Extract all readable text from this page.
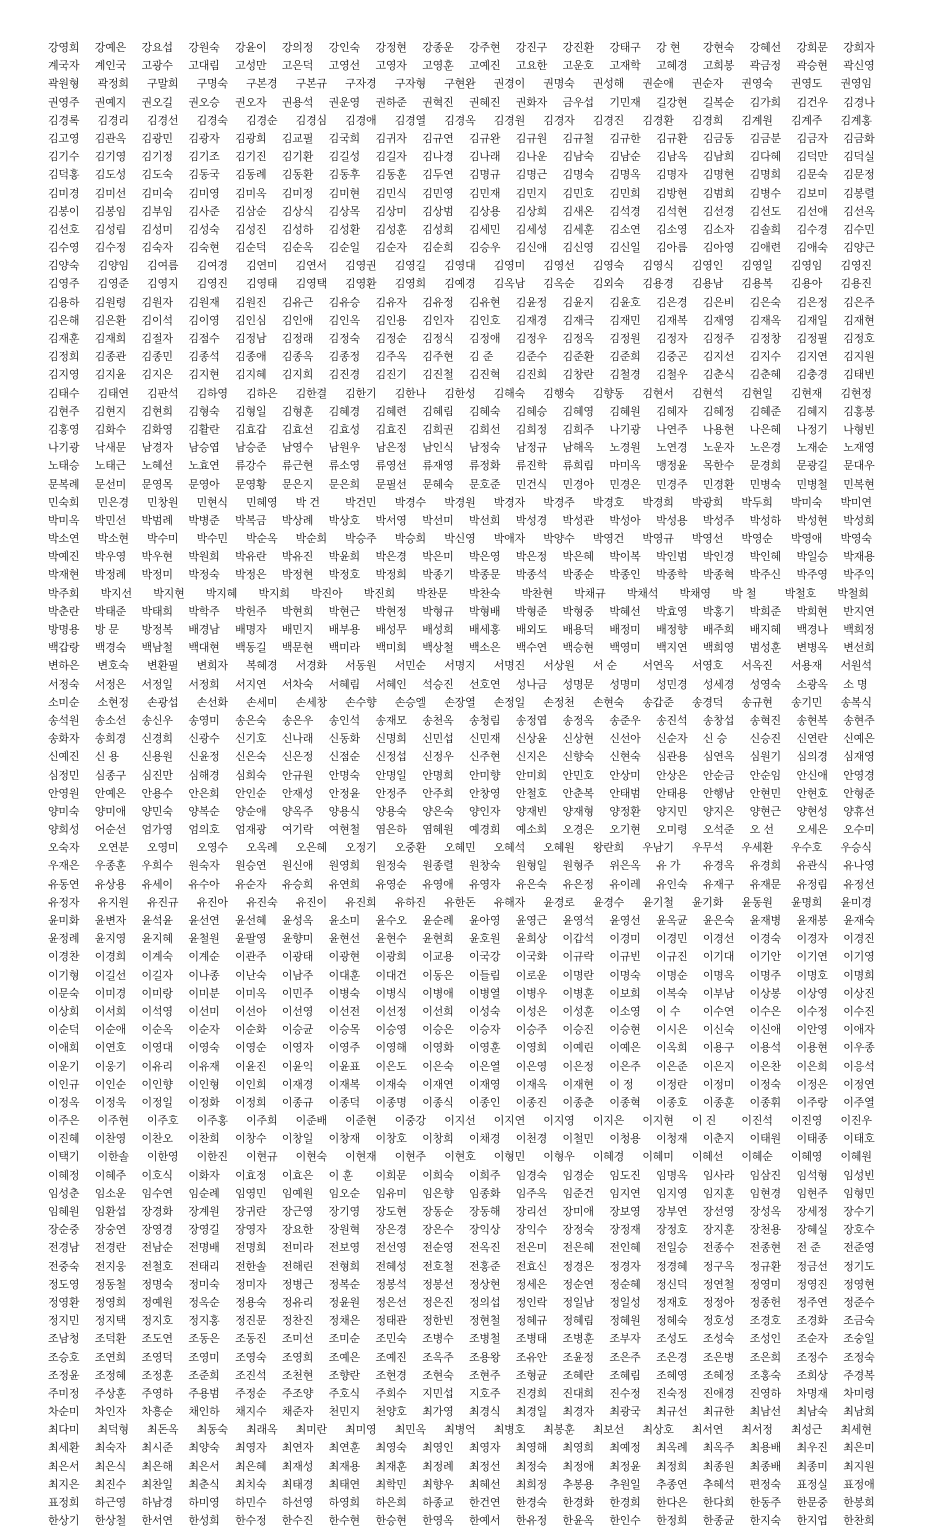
강영희	강예은	강요섭	강원숙	강윤이	강의정	강인숙	강정현	강종운	강주현	강진구	강진환	강태구	강 현	강현숙	강혜선	강희문	강희자
계국자	계인국	고광수	고대림	고성만	고은덕	고영선	고영자	고영훈	고예진	고요한	고운호	고재학	고혜경	고희봉	곽금정	곽승현	곽신영
곽원형	곽정희	구말희	구명숙	구본경	구본규	구자경	구자형	구현완	권경이	권명숙	권성해	권순애	권순자	권영숙	권영도	권영임
권영주	권예지	권오길	권오승	권오자	권용석	권운영	권하준	권혁진	권혜진	권화자	금우섭	기민재	길강현	길복순	김가희	김건우	김경나
김경록	김경리	김경선	김경숙	김경순	김경심	김경애	김경열	김경옥	김경원	김경자	김경진	김경환	김경희	김계원	김계주	김계홍
김고영	김관옥	김광민	김광자	김광희	김교필	김국희	김귀자	김규연	김규완	김규원	김규철	김규한	김규환	김금동	김금분	김금자	김금화
김기수	김기영	김기정	김기조	김기진	김기환	김길성	김길자	김나경	김나래	김나운	김남숙	김남순	김남옥	김남희	김다혜	김덕만	김덕실
김덕홍	김도성	김도숙	김동국	김동례	김동환	김동후	김동훈	김두연	김명규	김명근	김명숙	김명옥	김명자	김명현	김명희	김문숙	김문정
김미경	김미선	김미숙	김미영	김미옥	김미정	김미현	김민식	김민영	김민재	김민지	김민호	김민희	김방현	김범희	김병수	김보미	김봉렬
김봉이	김봉임	김부임	김사준	김삼순	김상식	김상목	김상미	김상범	김상용	김상희	김새온	김석경	김석현	김선경	김선도	김선애	김선옥
김선호	김성림	김성미	김성숙	김성진	김성하	김성환	김성훈	김성희	김세민	김세성	김세훈	김소연	김소영	김소자	김솔희	김수경	김수민
김수영	김수정	김숙자	김숙현	김순덕	김순옥	김순일	김순자	김순희	김승우	김신애	김신영	김신일	김아름	김아영	김애련	김애숙	김양근
김양숙	김양임	김여름	김여경	김연미	김연서	김영권	김영길	김영대	김영미	김영선	김영숙	김영식	김영인	김영일	김영임	김영진
김영주	김영준	김영지	김영진	김영태	김영택	김영환	김영희	김예경	김옥남	김옥순	김외숙	김용경	김용남	김용복	김용아	김용진
김용하	김원령	김원자	김원재	김원진	김유근	김유승	김유자	김유정	김유현	김윤정	김윤지	김윤호	김은경	김은비	김은숙	김은정	김은주
김은해	김은환	김이석	김이영	김인심	김인애	김인옥	김인용	김인자	김인호	김재경	김재극	김재민	김재복	김재영	김재옥	김재일	김재현
김재훈	김재희	김절자	김점수	김정남	김정래	김정숙	김정순	김정식	김정애	김정우	김정옥	김정원	김정자	김정주	김정창	김정필	김정호
김정희	김종관	김종민	김종석	김종애	김종옥	김종정	김주옥	김주현	김 준	김준수	김준환	김준희	김중곤	김지선	김지수	김지연	김지원
김지영	김지윤	김지은	김지현	김지혜	김지희	김진경	김진기	김진철	김진혁	김진희	김창란	김철경	김철우	김춘식	김춘혜	김충경	김태빈
김태수	김태연	김판석	김하영	김하은	김한결	김한기	김한나	김한성	김해숙	김행숙	김향동	김현서	김현석	김현일	김현재	김현정
김현주	김현지	김현희	김형숙	김형일	김형훈	김혜경	김혜련	김혜림	김혜숙	김혜승	김혜영	김혜원	김혜자	김혜정	김혜준	김혜지	김홍봉
김홍영	김화수	김화영	김활란	김효갑	김효선	김효성	김효진	김희권	김희선	김희정	김희주	나기광	나연주	나용현	나은혜	나정기	나형빈
나기광	낙새문	남경자	남승엽	남승준	남영수	남원우	남은정	남인식	남정숙	남정규	남해옥	노경원	노연경	노운자	노은경	노재순	노재영
노태승	노태근	노혜선	노효연	류강수	류근현	류소영	류영선	류재영	류정화	류진학	류희림	마미옥	맹정윤	목한수	문경희	문광길	문대우
문복례	문선미	문영목	문영아	문영황	문은지	문은희	문필선	문혜숙	문호준	민건식	민경아	민경은	민경주	민경환	민병숙	민병철	민복현
민숙희	민은경	민창원	민현식	민혜영	박 건	박건민	박경수	박경원	박경자	박경주	박경호	박경희	박광희	박두희	박미숙	박미연
박미옥	박민선	박범례	박병준	박복금	박상례	박상호	박서영	박선미	박선희	박성경	박성관	박성아	박성용	박성주	박성하	박성현	박성희
박소연	박소현	박수미	박수민	박순옥	박순희	박승주	박승희	박신영	박애자	박양수	박영건	박영규	박영선	박영순	박영애	박영숙
박예진	박우영	박우현	박원희	박유란	박유진	박윤희	박은경	박은미	박은영	박은정	박은혜	박이복	박인범	박인경	박인혜	박일승	박재용
박재현	박정례	박정미	박정숙	박정은	박정현	박정호	박정희	박종기	박종문	박종석	박종순	박종인	박종학	박종혁	박주신	박주영	박주익
박주희	박지선	박지현	박지혜	박지희	박진아	박진희	박찬문	박찬숙	박찬현	박채규	박채석	박채영	박 철	박철호	박철희
박춘란	박태준	박태희	박학주	박헌주	박현희	박현근	박현정	박형규	박형배	박형준	박형중	박혜선	박효영	박홍기	박희준	박희현	반지연
방명용	방 문	방정복	배경남	배명자	배민지	배부용	배성무	배성희	배세홍	배외도	배용덕	배정미	배정향	배주희	배지혜	백경나	백희정
백갑랑	백경숙	백남철	백대현	백동길	백문현	백미라	백미희	백상철	백소은	백수연	백승현	백영미	백지연	백희영	범성훈	변병옥	변선희
변하은	변호숙	변환필	변희자	복혜경	서경화	서동원	서민순	서명지	서명진	서상원	서 순	서연옥	서영호	서옥진	서용재	서원석
서정숙	서정은	서정일	서정희	서지연	서차숙	서혜림	서혜인	석승진	선호연	성나금	성명문	성명미	성민경	성세경	성영숙	소광옥	소 명
소미순	소현정	손광섭	손선화	손세미	손세창	손수향	손승엘	손장열	손정일	손정천	손현숙	송갑준	송경덕	송규현	송기민	송복식
송석원	송소선	송신우	송영미	송은숙	송은우	송인석	송재모	송천옥	송청림	송정엽	송정옥	송준우	송진석	송창섭	송혁진	송현복	송현주
송화자	송희경	신경희	신광수	신기호	신나래	신동화	신명희	신민섭	신민재	신상윤	신상현	신선아	신순자	신 승	신승진	신연란	신예은
신예진	신 용	신용원	신윤정	신은숙	신은정	신점순	신정섭	신정우	신주현	신지은	신향숙	신현숙	심관용	심연옥	심원기	심의경	심재영
심정민	심종구	심진만	심해경	심희숙	안규원	안명숙	안명일	안명희	안미향	안미희	안민호	안상미	안상은	안순금	안순임	안신애	안영경
안영원	안예은	안용수	안은희	안인순	안재성	안정윤	안정주	안주희	안창영	안철호	안춘복	안태범	안태용	안행남	안현민	안현호	안형준
양미숙	양미애	양민숙	양복순	양순애	양옥주	양용식	양용숙	양은숙	양인자	양재빈	양재형	양정환	양지민	양지은	양현근	양현성	양휴선
양희성	어순선	엄가영	엄의호	엄재광	여기락	여현철	염은하	염혜원	예경희	예소희	오경은	오기현	오미령	오석준	오 선	오세은	오수미
오숙자	오연분	오영미	오영수	오옥례	오은혜	오정기	오중환	오혜민	오혜석	오혜원	왕란희	우남기	우무석	우세환	우수호	우승식
우재은	우종훈	우희수	원숙자	원승연	원신애	원영희	원정숙	원종렬	원창숙	원형일	원형주	위은옥	유 가	유경옥	유경희	유관식	유나영
유동연	유상용	유세이	유수아	유순자	유승희	유연희	유영순	유영애	유영자	유은숙	유은정	유이레	유인숙	유재구	유재문	유정림	유정선
유정자	유지원	유진규	유진아	유진숙	유진이	유진희	유하진	유한돈	유해자	윤경로	윤경수	윤기철	윤기화	윤동원	윤명희	윤미경
윤미화	윤변자	윤석윤	윤선연	윤선혜	윤성옥	윤소미	윤수오	윤순례	윤아영	윤영근	윤영석	윤영선	윤옥균	윤은숙	윤재병	윤재봉	윤재숙
윤정례	윤지영	윤지혜	윤철원	윤팔영	윤향미	윤현선	윤현수	윤현희	윤호원	윤희상	이갑석	이경미	이경민	이경선	이경숙	이경자	이경진
이경찬	이경희	이계숙	이계순	이관주	이광태	이광현	이광희	이교용	이국강	이국화	이규락	이규빈	이규진	이기대	이기안	이기연	이기영
이기형	이길선	이길자	이나종	이난숙	이남주	이대훈	이대건	이동은	이들림	이로운	이명란	이명숙	이명순	이명옥	이명주	이명호	이명희
이문숙	이미경	이미랑	이미분	이미옥	이민주	이병숙	이병식	이병애	이병열	이병우	이병훈	이보희	이복숙	이부남	이상봉	이상영	이상진
이상희	이서희	이석영	이선미	이선아	이선영	이선전	이선정	이선희	이성숙	이성은	이성훈	이소영	이 수	이수연	이수은	이수정	이수진
이순덕	이순애	이순옥	이순자	이순화	이승균	이승목	이승영	이승은	이승자	이승주	이승진	이승현	이시은	이신숙	이신애	이안영	이애자
이애희	이연호	이영대	이영숙	이영순	이영자	이영주	이영해	이영화	이영훈	이영희	이예린	이예은	이옥희	이용구	이용석	이용현	이우종
이운기	이웅기	이유리	이유재	이윤진	이윤익	이윤표	이은도	이은숙	이은열	이은영	이은정	이은주	이은준	이은지	이은찬	이은희	이응석
이인규	이인순	이인향	이인형	이인희	이재경	이재복	이재숙	이재연	이재영	이재옥	이재현	이 정	이정란	이정미	이정숙	이정은	이정연
이정옥	이정욱	이정일	이정화	이정희	이종규	이종덕	이종명	이종식	이종인	이종진	이종춘	이종혁	이종호	이종훈	이종휘	이주랑	이주열
이주은	이주현	이주호	이주홍	이주희	이준배	이준현	이중강	이지선	이지연	이지영	이지은	이지현	이 진	이진석	이진영	이진우
이진혜	이찬영	이찬오	이찬희	이창수	이창일	이창재	이창호	이창희	이채경	이천경	이철민	이청용	이청재	이춘지	이태원	이태종	이태호
이택기	이한솔	이한영	이한진	이현규	이현숙	이현재	이현주	이현호	이형민	이형우	이혜경	이혜미	이혜선	이혜순	이혜영	이혜원
이혜정	이혜주	이호식	이화자	이효정	이효은	이 훈	이희문	이희숙	이희주	임경숙	임경순	임도진	임명옥	임사라	임삼진	임석형	임성빈
임성춘	임소운	임수연	임순례	임영민	임예원	임오순	임유미	임은향	임종화	임주옥	임준건	임지연	임지영	임지훈	임현경	임현주	임형민
임혜원	임환섭	장경화	장계원	장귀란	장근영	장기영	장도현	장동순	장동해	장리선	장미애	장보영	장부연	장선영	장성옥	장세정	장수기
장순중	장숭연	장영경	장영길	장영자	장요한	장원혁	장은경	장은수	장익상	장익수	장정숙	장정재	장정호	장지훈	장천용	장혜실	장호수
전경남	전경란	전남순	전명배	전명희	전미라	전보영	전선영	전순영	전옥진	전은미	전은혜	전인혜	전일승	전종수	전종현	전 준	전준영
전중숙	전지웅	전철호	전태리	전한솔	전해린	전형희	전혜성	전호철	전홍준	전효신	정경은	정경자	정경혜	정구옥	정규환	정금선	정기도
정도영	정동철	정명숙	정미숙	정미자	정병근	정복순	정봉석	정봉선	정상현	정세은	정순연	정순혜	정신덕	정연철	정영미	정영진	정영현
정영환	정영희	정예원	정옥순	정용숙	정유리	정윤원	정은선	정은진	정의섭	정인락	정일남	정일성	정재호	정정아	정종헌	정주연	정준수
정지민	정지택	정지호	정지홍	정진문	정찬진	정채은	정태관	정한빈	정현철	정혜규	정혜림	정혜원	정혜숙	정호성	조경호	조경화	조금숙
조남청	조덕환	조도연	조동은	조동진	조미선	조미순	조민숙	조병수	조병철	조병태	조병훈	조부자	조성도	조성숙	조성인	조순자	조숭일
조승호	조연희	조영덕	조영미	조영숙	조영희	조예은	조예진	조옥주	조용왕	조유안	조윤정	조은주	조은경	조은병	조은희	조정수	조정숙
조정윤	조정혜	조정훈	조준희	조진석	조천현	조향란	조현경	조현숙	조현주	조형균	조혜란	조혜림	조혜영	조혜정	조홍숙	조희상	주경복
주미정	주상훈	주영하	주용범	주정순	주조양	주호식	주희수	지민섭	지호주	진경희	진대희	진수정	진숙정	진애경	진영하	차명재	차미령
차순미	차인자	차흥순	채인하	채지수	채준자	천민지	천양호	최가영	최경식	최경일	최경자	최광국	최규선	최규한	최남선	최남숙	최남희
최다미	최덕형	최돈옥	최동숙	최래옥	최미란	최미영	최민옥	최병억	최병호	최봉훈	최보선	최상호	최서연	최서정	최성근	최세현
최세환	최숙자	최시준	최양숙	최영자	최연자	최연훈	최영숙	최영인	최영자	최영해	최영희	최예정	최옥례	최옥주	최용배	최우진	최은미
최은서	최은식	최은해	최은서	최은혜	최재성	최재용	최재훈	최정례	최정선	최정숙	최정애	최정윤	최정희	최종원	최종배	최종미	최지원
최지은	최진수	최찬일	최춘식	최치숙	최태경	최태연	최학민	최향우	최혜선	최희정	추봉용	추원일	추종연	추혜석	편정숙	표정실	표정애
표정희	하근영	하남경	하미영	하민수	하선영	하영희	하은희	하종교	한건연	한경숙	한경화	한경희	한다은	한다희	한동주	한문중	한봉희
한상기	한상철	한서연	한성희	한수정	한수진	한수현	한승현	한영옥	한예서	한유정	한윤옥	한인수	한정희	한종균	한지숙	한지업	한찬희
